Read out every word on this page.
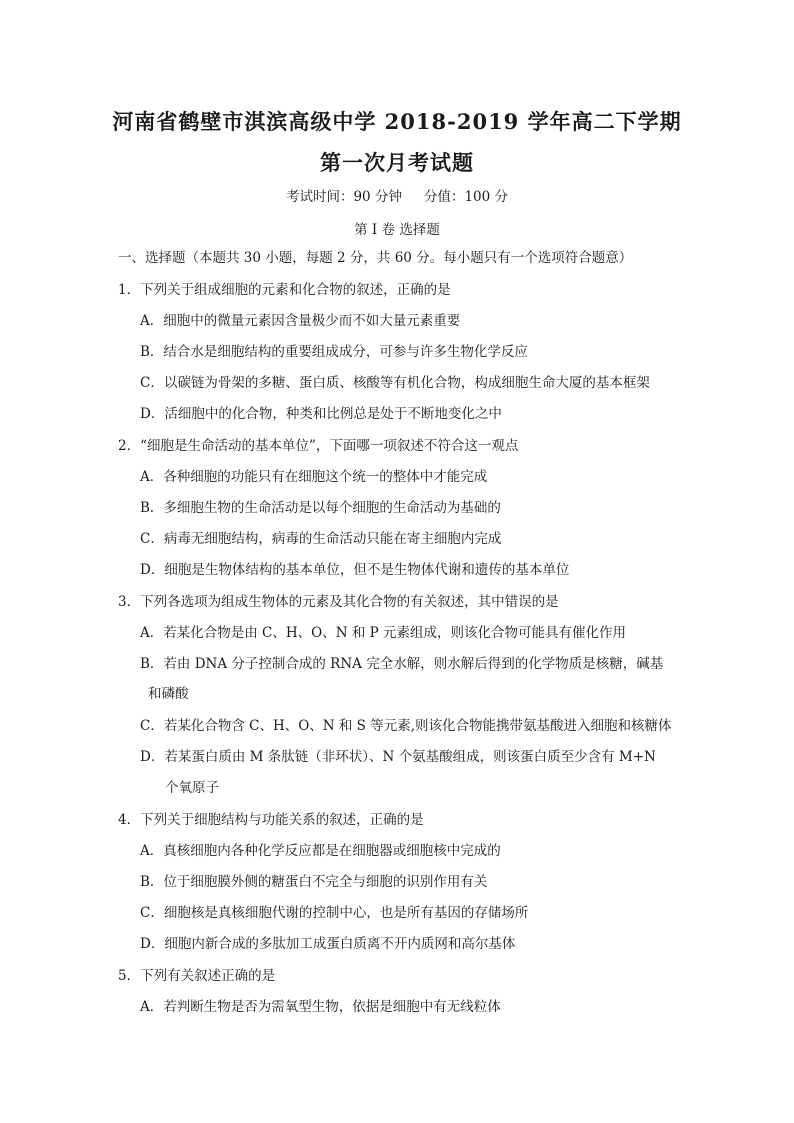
河南省鹤壁市淇滨高级中学 2018-2019 学年高二下学期
第一次月考试题
考试时间：90 分钟 分值：100 分
第 I 卷 选择题
一、选择题（本题共 30 小题，每题 2 分，共 60 分。每小题只有一个选项符合题意）
1．下列关于组成细胞的元素和化合物的叙述，正确的是
A．细胞中的微量元素因含量极少而不如大量元素重要
B．结合水是细胞结构的重要组成成分，可参与许多生物化学反应
C．以碳链为骨架的多糖、蛋白质、核酸等有机化合物，构成细胞生命大厦的基本框架
D．活细胞中的化合物，种类和比例总是处于不断地变化之中
2．“细胞是生命活动的基本单位”，下面哪一项叙述不符合这一观点
A．各种细胞的功能只有在细胞这个统一的整体中才能完成
B．多细胞生物的生命活动是以每个细胞的生命活动为基础的
C．病毒无细胞结构，病毒的生命活动只能在寄主细胞内完成
D．细胞是生物体结构的基本单位，但不是生物体代谢和遗传的基本单位
3．下列各选项为组成生物体的元素及其化合物的有关叙述，其中错误的是
A．若某化合物是由 C、H、O、N 和 P 元素组成，则该化合物可能具有催化作用
B．若由 DNA 分子控制合成的 RNA 完全水解，则水解后得到的化学物质是核糖，碱基
和磷酸
C．若某化合物含 C、H、O、N 和 S 等元素,则该化合物能携带氨基酸进入细胞和核糖体
D．若某蛋白质由 M 条肽链（非环状）、N 个氨基酸组成，则该蛋白质至少含有 M+N
个氧原子
4．下列关于细胞结构与功能关系的叙述，正确的是
A．真核细胞内各种化学反应都是在细胞器或细胞核中完成的
B．位于细胞膜外侧的糖蛋白不完全与细胞的识别作用有关
C．细胞核是真核细胞代谢的控制中心，也是所有基因的存储场所
D．细胞内新合成的多肽加工成蛋白质离不开内质网和高尔基体
5．下列有关叙述正确的是
A．若判断生物是否为需氧型生物，依据是细胞中有无线粒体
